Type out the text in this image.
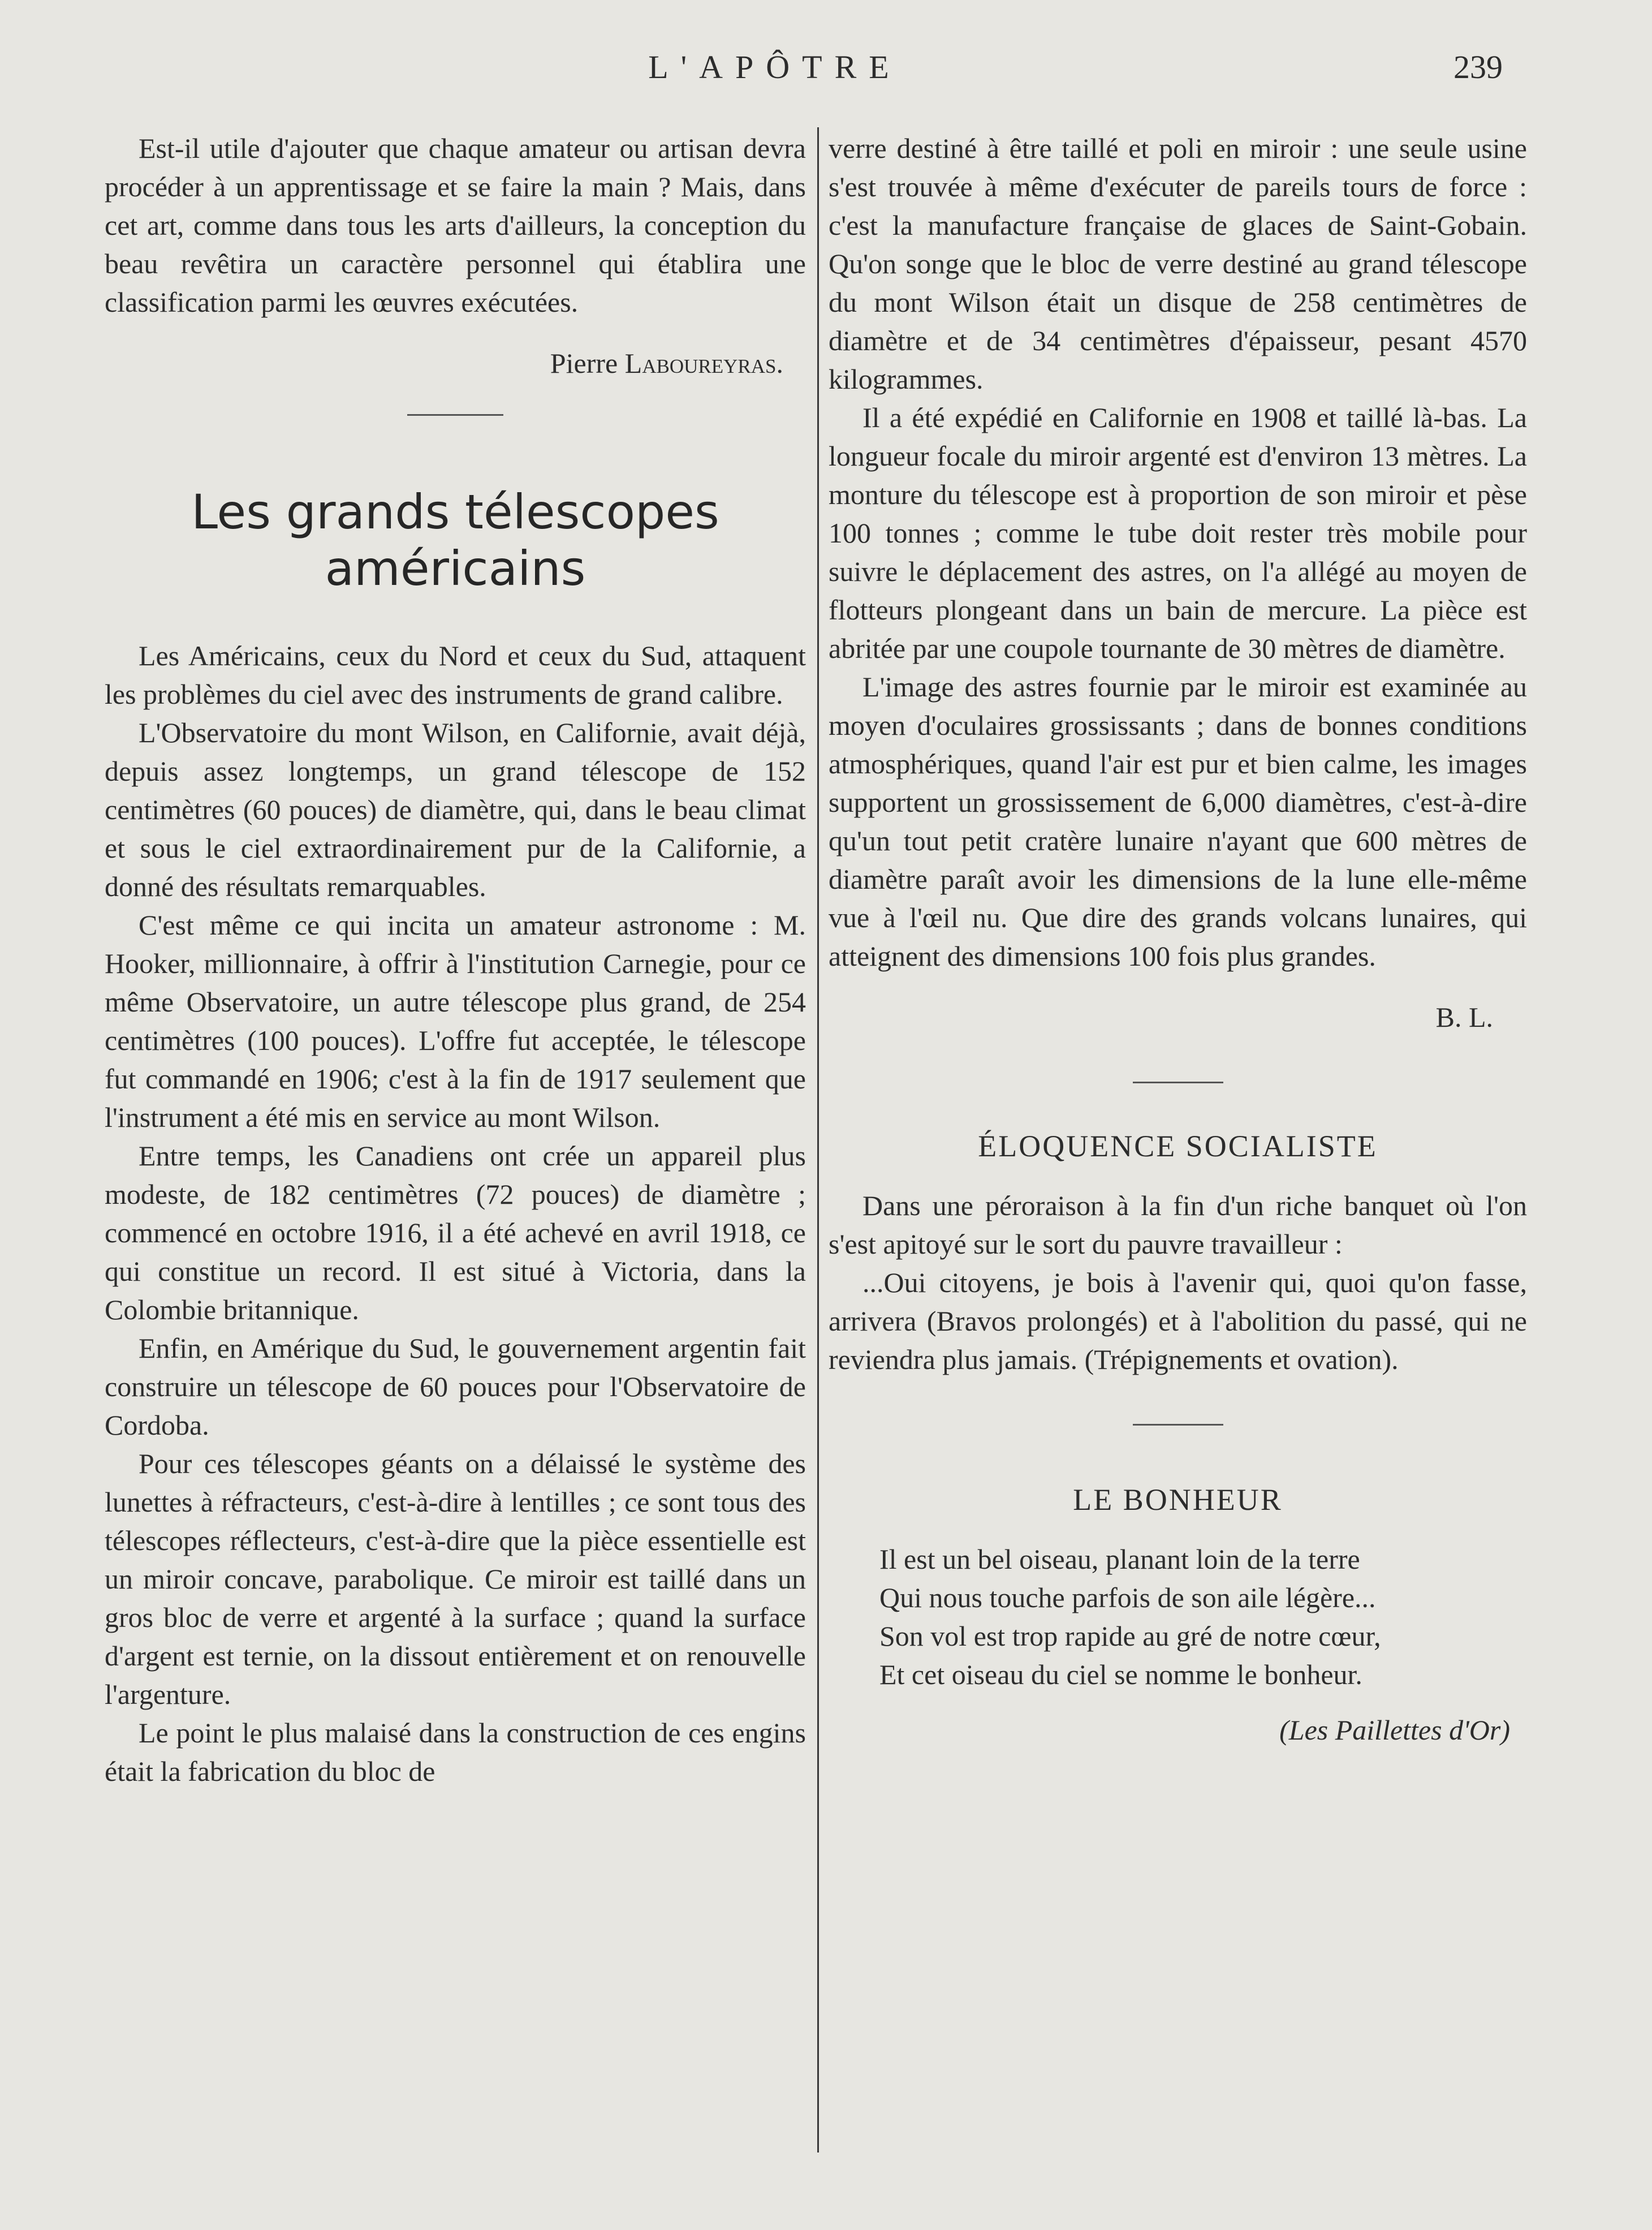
L'APÔTRE	239

Est-il utile d'ajouter que chaque amateur ou artisan devra procéder à un apprentissage et se faire la main ? Mais, dans cet art, comme dans tous les arts d'ailleurs, la conception du beau revêtira un caractère personnel qui établira une classification parmi les œuvres exécutées.

Pierre Laboureyras.
Les grands télescopes américains

Les Américains, ceux du Nord et ceux du Sud, attaquent les problèmes du ciel avec des instruments de grand calibre.

L'Observatoire du mont Wilson, en Californie, avait déjà, depuis assez longtemps, un grand télescope de 152 centimètres (60 pouces) de diamètre, qui, dans le beau climat et sous le ciel extraordinairement pur de la Californie, a donné des résultats remarquables.

C'est même ce qui incita un amateur astronome : M. Hooker, millionnaire, à offrir à l'institution Carnegie, pour ce même Observatoire, un autre télescope plus grand, de 254 centimètres (100 pouces). L'offre fut acceptée, le télescope fut commandé en 1906; c'est à la fin de 1917 seulement que l'instrument a été mis en service au mont Wilson.

Entre temps, les Canadiens ont crée un appareil plus modeste, de 182 centimètres (72 pouces) de diamètre ; commencé en octobre 1916, il a été achevé en avril 1918, ce qui constitue un record. Il est situé à Victoria, dans la Colombie britannique.

Enfin, en Amérique du Sud, le gouvernement argentin fait construire un télescope de 60 pouces pour l'Observatoire de Cordoba.

Pour ces télescopes géants on a délaissé le système des lunettes à réfracteurs, c'est-à-dire à lentilles ; ce sont tous des télescopes réflecteurs, c'est-à-dire que la pièce essentielle est un miroir concave, parabolique. Ce miroir est taillé dans un gros bloc de verre et argenté à la surface ; quand la surface d'argent est ternie, on la dissout entièrement et on renouvelle l'argenture.

Le point le plus malaisé dans la construction de ces engins était la fabrication du bloc de

verre destiné à être taillé et poli en miroir : une seule usine s'est trouvée à même d'exécuter de pareils tours de force : c'est la manufacture française de glaces de Saint-Gobain. Qu'on songe que le bloc de verre destiné au grand télescope du mont Wilson était un disque de 258 centimètres de diamètre et de 34 centimètres d'épaisseur, pesant 4570 kilogrammes.

Il a été expédié en Californie en 1908 et taillé là-bas. La longueur focale du miroir argenté est d'environ 13 mètres. La monture du télescope est à proportion de son miroir et pèse 100 tonnes ; comme le tube doit rester très mobile pour suivre le déplacement des astres, on l'a allégé au moyen de flotteurs plongeant dans un bain de mercure. La pièce est abritée par une coupole tournante de 30 mètres de diamètre.

L'image des astres fournie par le miroir est examinée au moyen d'oculaires grossissants ; dans de bonnes conditions atmosphériques, quand l'air est pur et bien calme, les images supportent un grossissement de 6,000 diamètres, c'est-à-dire qu'un tout petit cratère lunaire n'ayant que 600 mètres de diamètre paraît avoir les dimensions de la lune elle-même vue à l'œil nu. Que dire des grands volcans lunaires, qui atteignent des dimensions 100 fois plus grandes.

B. L.
ÉLOQUENCE SOCIALISTE

Dans une péroraison à la fin d'un riche banquet où l'on s'est apitoyé sur le sort du pauvre travailleur :

...Oui citoyens, je bois à l'avenir qui, quoi qu'on fasse, arrivera (Bravos prolongés) et à l'abolition du passé, qui ne reviendra plus jamais. (Trépignements et ovation).

LE BONHEUR

Il est un bel oiseau, planant loin de la terre

Qui nous touche parfois de son aile légère...

Son vol est trop rapide au gré de notre cœur,

Et cet oiseau du ciel se nomme le bonheur.

(Les Paillettes d'Or)
